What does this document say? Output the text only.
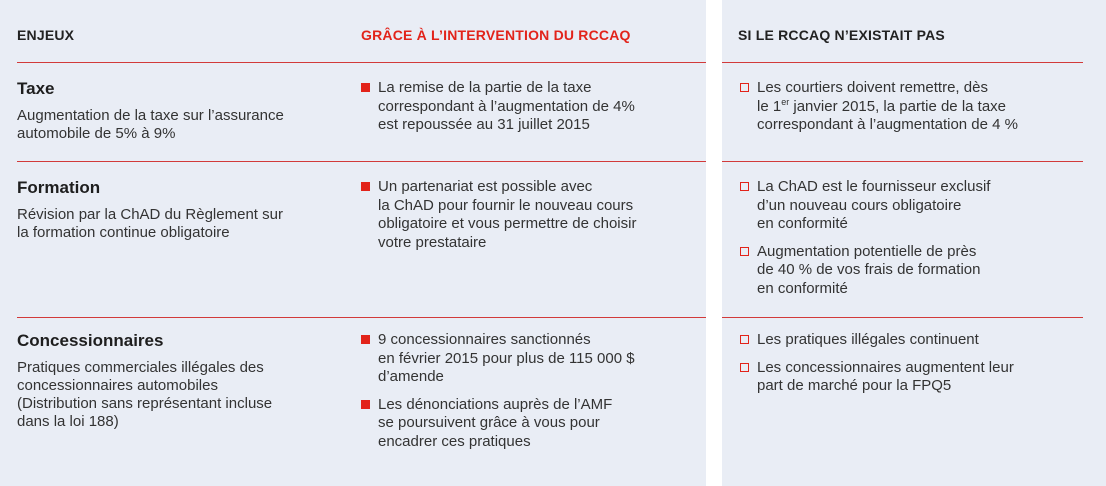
ENJEUX	GRÂCE À L’INTERVENTION DU RCCAQ	SI LE RCCAQ N’EXISTAIT PAS
Taxe
Augmentation de la taxe sur l’assurance
automobile de 5% à 9%
La remise de la partie de la taxe
correspondant à l’augmentation de 4%
est repoussée au 31 juillet 2015
Les courtiers doivent remettre, dès
le 1er janvier 2015, la partie de la taxe
correspondant à l’augmentation de 4 %
Formation
Révision par la ChAD du Règlement sur
la formation continue obligatoire
Un partenariat est possible avec
la ChAD pour fournir le nouveau cours
obligatoire et vous permettre de choisir
votre prestataire
La ChAD est le fournisseur exclusif
d’un nouveau cours obligatoire
en conformité
Augmentation potentielle de près
de 40 % de vos frais de formation
en conformité
Concessionnaires
Pratiques commerciales illégales des
concessionnaires automobiles
(Distribution sans représentant incluse
dans la loi 188)
9 concessionnaires sanctionnés
en février 2015 pour plus de 115 000 $
d’amende
Les dénonciations auprès de l’AMF
se poursuivent grâce à vous pour
encadrer ces pratiques
Les pratiques illégales continuent
Les concessionnaires augmentent leur
part de marché pour la FPQ5
